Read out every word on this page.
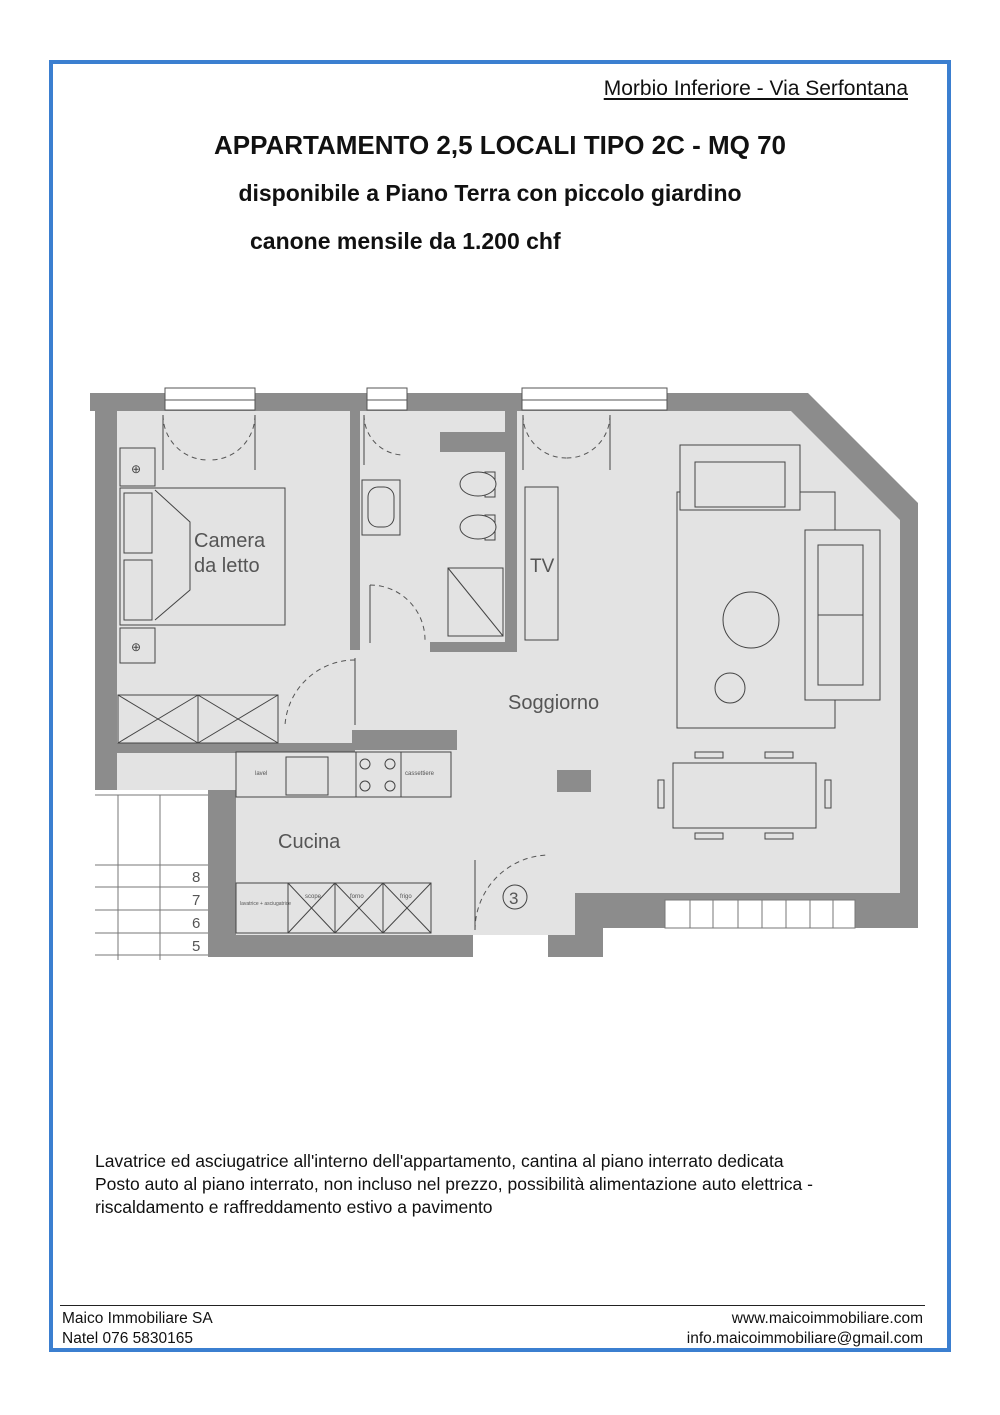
Morbio Inferiore - Via Serfontana
APPARTAMENTO 2,5 LOCALI TIPO 2C - MQ 70
disponibile a Piano Terra con piccolo giardino
canone mensile da 1.200 chf
⊕
⊕
Camera
da letto	TV
Soggiorno
Cucina
3
lavel	cassettiere
lavatrice + asciugatrice
scope	forno	frigo
8
7
6
5

Lavatrice ed asciugatrice all'interno dell'appartamento, cantina al piano interrato dedicata

Posto auto al piano interrato, non incluso nel prezzo, possibilità alimentazione auto elettrica - riscaldamento e raffreddamento estivo a pavimento

Maico Immobiliare SA
Natel 076 5830165
www.maicoimmobiliare.com
info.maicoimmobiliare@gmail.com
